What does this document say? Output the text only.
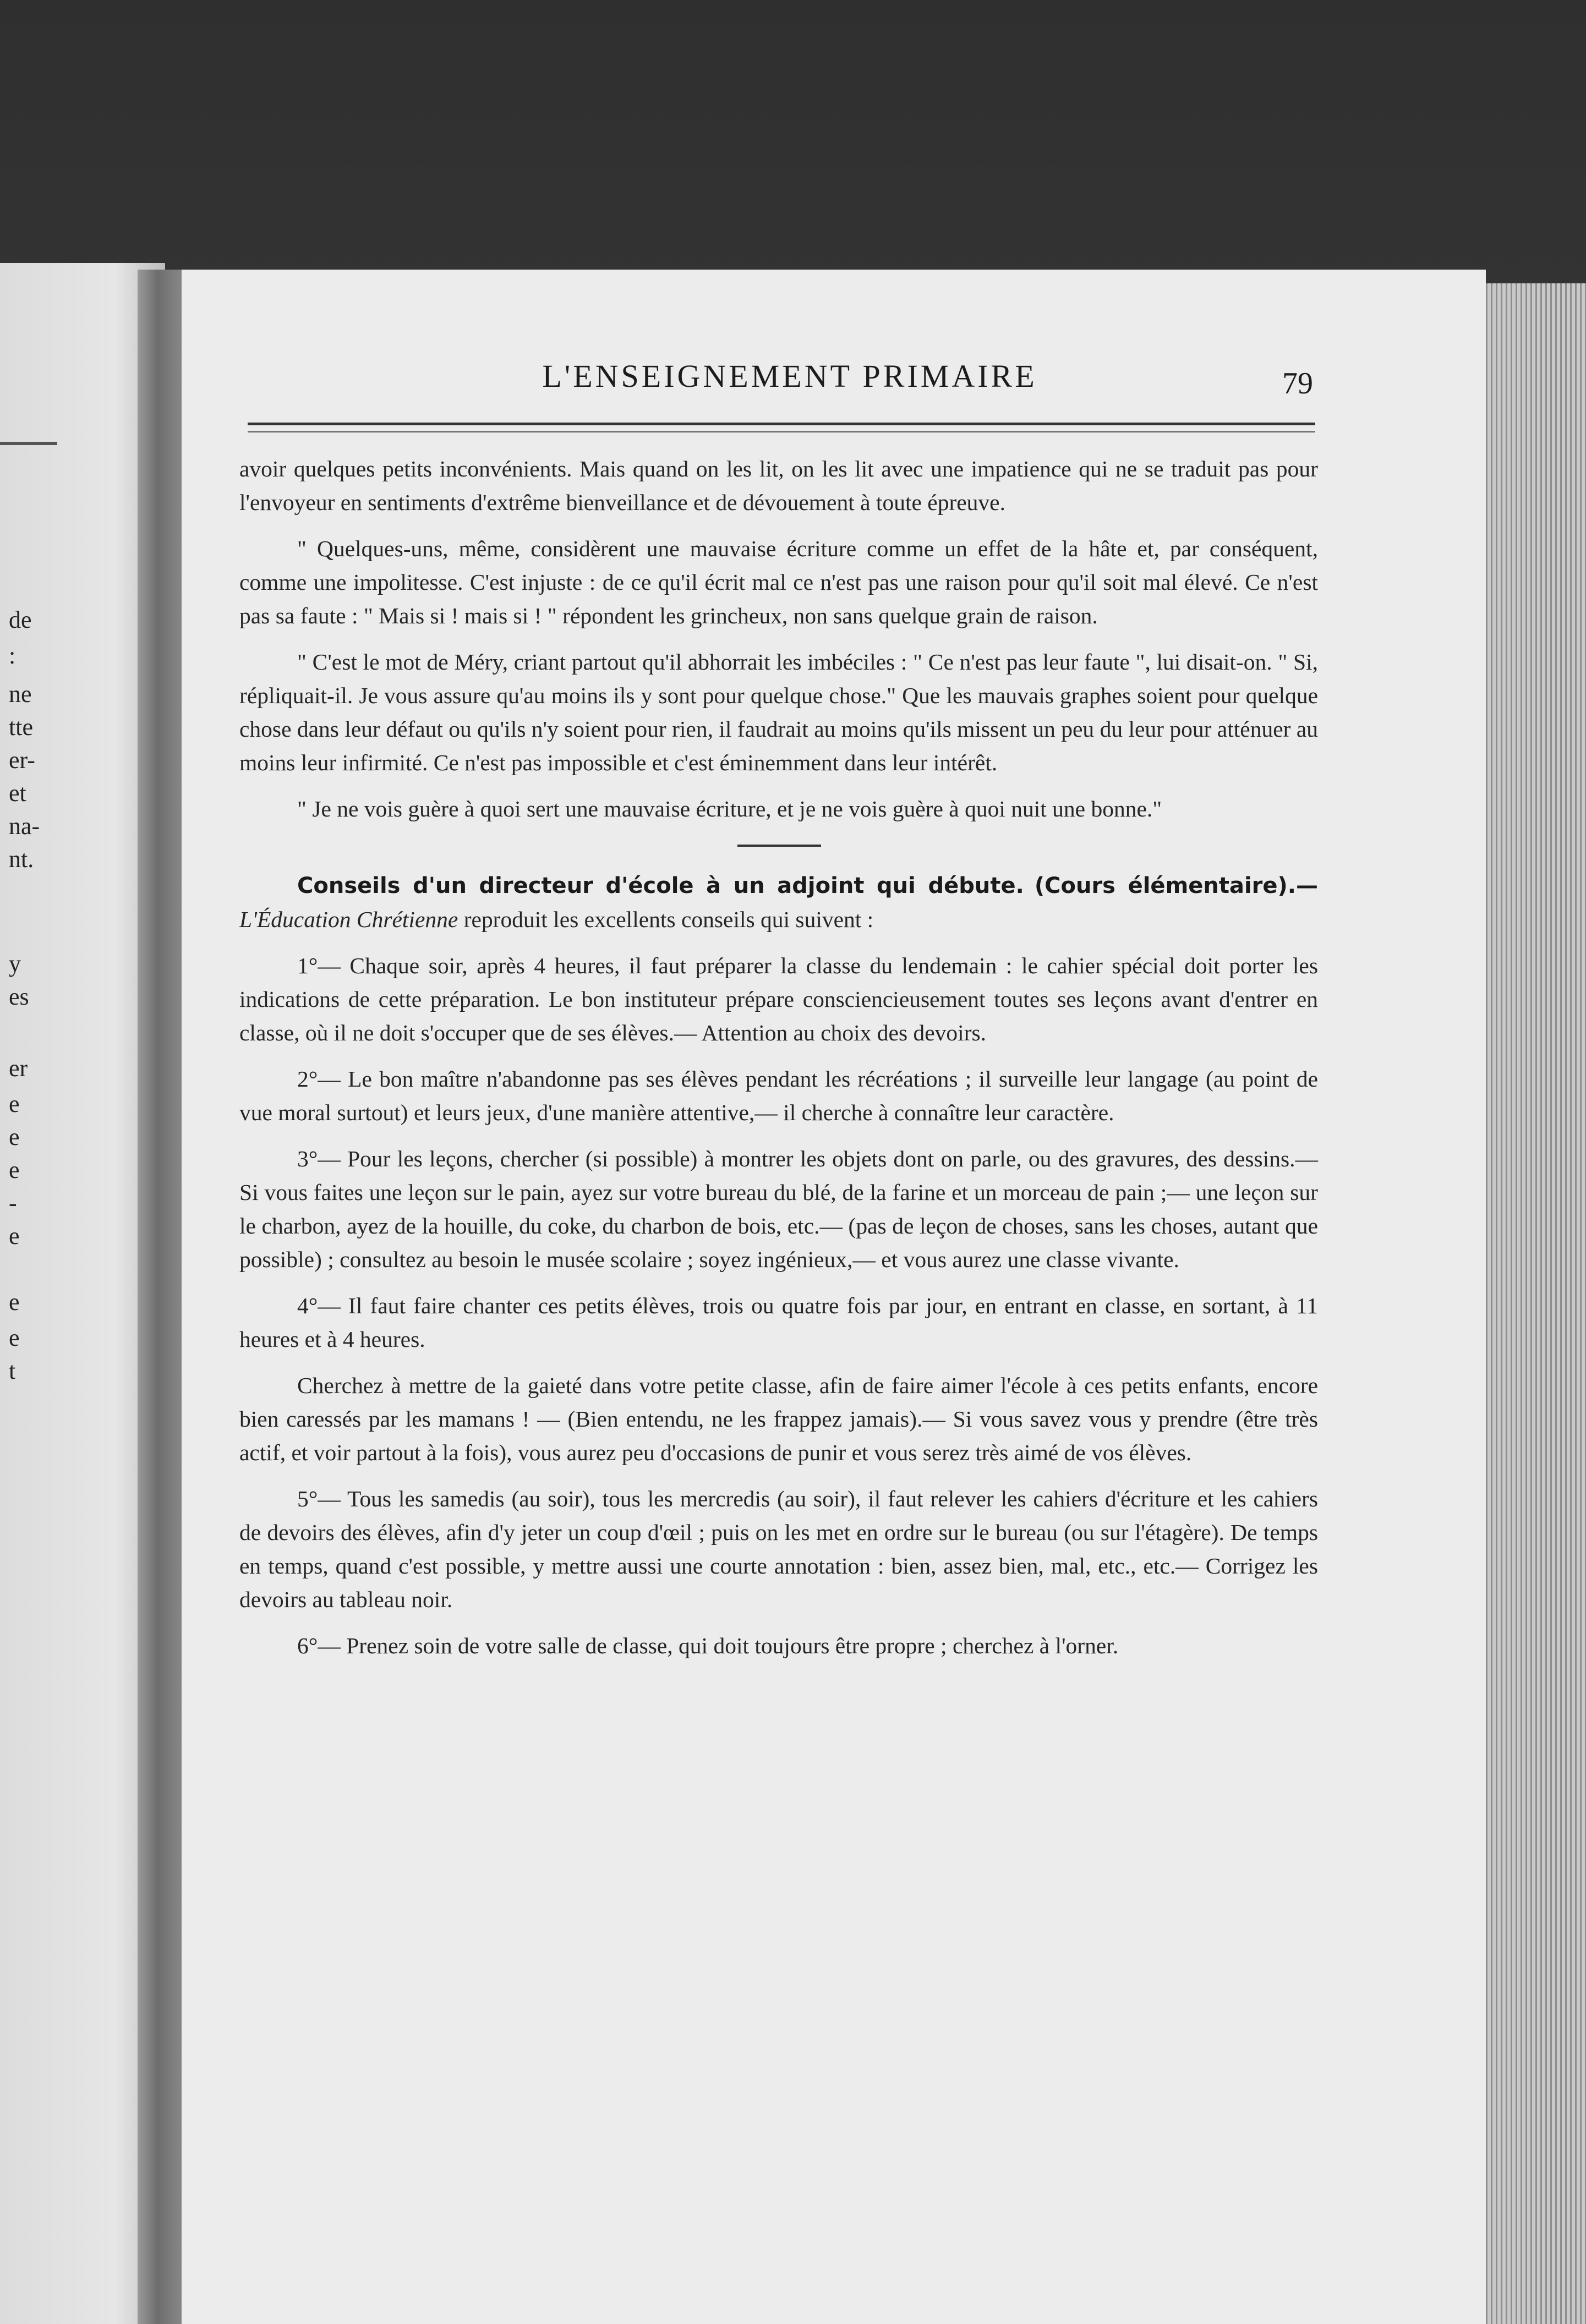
de
:
ne
tte
er-
et
na-
nt.
y
es
er
e
e
e
-
e
e
e
t
L'ENSEIGNEMENT PRIMAIRE	79

avoir quelques petits inconvénients. Mais quand on les lit, on les lit avec une impatience qui ne se traduit pas pour l'envoyeur en sentiments d'extrême bienveillance et de dévouement à toute épreuve.

" Quelques-uns, même, considèrent une mauvaise écriture comme un effet de la hâte et, par conséquent, comme une impolitesse. C'est injuste : de ce qu'il écrit mal ce n'est pas une raison pour qu'il soit mal élevé. Ce n'est pas sa faute : " Mais si ! mais si ! " répondent les grincheux, non sans quelque grain de raison.

" C'est le mot de Méry, criant partout qu'il abhorrait les imbéciles : " Ce n'est pas leur faute ", lui disait-on. " Si, répliquait-il. Je vous assure qu'au moins ils y sont pour quelque chose." Que les mauvais graphes soient pour quelque chose dans leur défaut ou qu'ils n'y soient pour rien, il faudrait au moins qu'ils missent un peu du leur pour atténuer au moins leur infirmité. Ce n'est pas impossible et c'est éminemment dans leur intérêt.

" Je ne vois guère à quoi sert une mauvaise écriture, et je ne vois guère à quoi nuit une bonne."

Conseils d'un directeur d'école à un adjoint qui débute. (Cours élémentaire).— L'Éducation Chrétienne reproduit les excellents conseils qui suivent :

1°— Chaque soir, après 4 heures, il faut préparer la classe du lendemain : le cahier spécial doit porter les indications de cette préparation. Le bon instituteur prépare consciencieusement toutes ses leçons avant d'entrer en classe, où il ne doit s'occuper que de ses élèves.— Attention au choix des devoirs.

2°— Le bon maître n'abandonne pas ses élèves pendant les récréations ; il surveille leur langage (au point de vue moral surtout) et leurs jeux, d'une manière attentive,— il cherche à connaître leur caractère.

3°— Pour les leçons, chercher (si possible) à montrer les objets dont on parle, ou des gravures, des dessins.— Si vous faites une leçon sur le pain, ayez sur votre bureau du blé, de la farine et un morceau de pain ;— une leçon sur le charbon, ayez de la houille, du coke, du charbon de bois, etc.— (pas de leçon de choses, sans les choses, autant que possible) ; consultez au besoin le musée scolaire ; soyez ingénieux,— et vous aurez une classe vivante.

4°— Il faut faire chanter ces petits élèves, trois ou quatre fois par jour, en entrant en classe, en sortant, à 11 heures et à 4 heures.

Cherchez à mettre de la gaieté dans votre petite classe, afin de faire aimer l'école à ces petits enfants, encore bien caressés par les mamans ! — (Bien entendu, ne les frappez jamais).— Si vous savez vous y prendre (être très actif, et voir partout à la fois), vous aurez peu d'occasions de punir et vous serez très aimé de vos élèves.

5°— Tous les samedis (au soir), tous les mercredis (au soir), il faut relever les cahiers d'écriture et les cahiers de devoirs des élèves, afin d'y jeter un coup d'œil ; puis on les met en ordre sur le bureau (ou sur l'étagère). De temps en temps, quand c'est possible, y mettre aussi une courte annotation : bien, assez bien, mal, etc., etc.— Corrigez les devoirs au tableau noir.

6°— Prenez soin de votre salle de classe, qui doit toujours être propre ; cherchez à l'orner.
